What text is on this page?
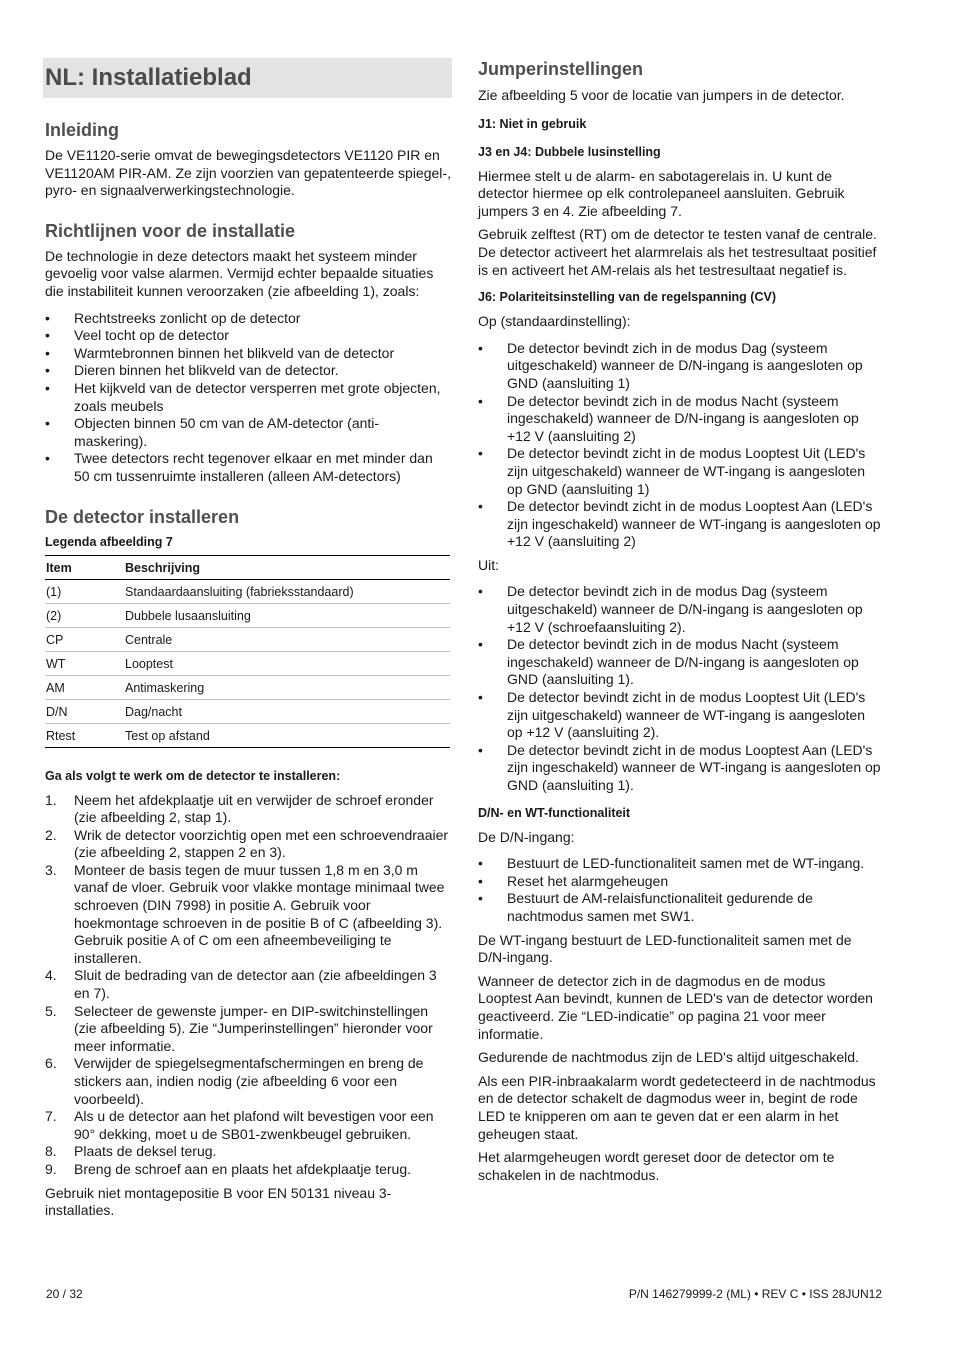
NL: Installatieblad
Inleiding

De VE1120-serie omvat de bewegingsdetectors VE1120 PIR en VE1120AM PIR-AM. Ze zijn voorzien van gepatenteerde spiegel-, pyro- en signaalverwerkingstechnologie.

Richtlijnen voor de installatie

De technologie in deze detectors maakt het systeem minder gevoelig voor valse alarmen. Vermijd echter bepaalde situaties die instabiliteit kunnen veroorzaken (zie afbeelding 1), zoals:

•	Rechtstreeks zonlicht op de detector
•	Veel tocht op de detector
•	Warmtebronnen binnen het blikveld van de detector
•	Dieren binnen het blikveld van de detector.
•	Het kijkveld van de detector versperren met grote objecten, zoals meubels
•	Objecten binnen 50 cm van de AM-detector (anti-maskering).
•	Twee detectors recht tegenover elkaar en met minder dan 50 cm tussenruimte installeren (alleen AM-detectors)
De detector installeren

Legenda afbeelding 7

Item	Beschrijving
(1)	Standaardaansluiting (fabrieksstandaard)
(2)	Dubbele lusaansluiting
CP	Centrale
WT	Looptest
AM	Antimaskering
D/N	Dag/nacht
Rtest	Test op afstand

Ga als volgt te werk om de detector te installeren:

1.	Neem het afdekplaatje uit en verwijder de schroef eronder (zie afbeelding 2, stap 1).
2.	Wrik de detector voorzichtig open met een schroevendraaier (zie afbeelding 2, stappen 2 en 3).
3.	Monteer de basis tegen de muur tussen 1,8 m en 3,0 m vanaf de vloer. Gebruik voor vlakke montage minimaal twee schroeven (DIN 7998) in positie A. Gebruik voor hoekmontage schroeven in de positie B of C (afbeelding 3). Gebruik positie A of C om een afneembeveiliging te installeren.
4.	Sluit de bedrading van de detector aan (zie afbeeldingen 3 en 7).
5.	Selecteer de gewenste jumper- en DIP-switchinstellingen (zie afbeelding 5). Zie “Jumperinstellingen” hieronder voor meer informatie.
6.	Verwijder de spiegelsegmentafschermingen en breng de stickers aan, indien nodig (zie afbeelding 6 voor een voorbeeld).
7.	Als u de detector aan het plafond wilt bevestigen voor een 90° dekking, moet u de SB01-zwenkbeugel gebruiken.
8.	Plaats de deksel terug.
9.	Breng de schroef aan en plaats het afdekplaatje terug.

Gebruik niet montagepositie B voor EN 50131 niveau 3-installaties.

Jumperinstellingen

Zie afbeelding 5 voor de locatie van jumpers in de detector.

J1: Niet in gebruik

J3 en J4: Dubbele lusinstelling

Hiermee stelt u de alarm- en sabotagerelais in. U kunt de detector hiermee op elk controlepaneel aansluiten. Gebruik jumpers 3 en 4. Zie afbeelding 7.

Gebruik zelftest (RT) om de detector te testen vanaf de centrale. De detector activeert het alarmrelais als het testresultaat positief is en activeert het AM-relais als het testresultaat negatief is.

J6: Polariteitsinstelling van de regelspanning (CV)

Op (standaardinstelling):

•	De detector bevindt zich in de modus Dag (systeem uitgeschakeld) wanneer de D/N-ingang is aangesloten op GND (aansluiting 1)
•	De detector bevindt zich in de modus Nacht (systeem ingeschakeld) wanneer de D/N-ingang is aangesloten op +12 V (aansluiting 2)
•	De detector bevindt zicht in de modus Looptest Uit (LED's zijn uitgeschakeld) wanneer de WT-ingang is aangesloten op GND (aansluiting 1)
•	De detector bevindt zicht in de modus Looptest Aan (LED's zijn ingeschakeld) wanneer de WT-ingang is aangesloten op +12 V (aansluiting 2)

Uit:

•	De detector bevindt zich in de modus Dag (systeem uitgeschakeld) wanneer de D/N-ingang is aangesloten op +12 V (schroefaansluiting 2).
•	De detector bevindt zich in de modus Nacht (systeem ingeschakeld) wanneer de D/N-ingang is aangesloten op GND (aansluiting 1).
•	De detector bevindt zicht in de modus Looptest Uit (LED's zijn uitgeschakeld) wanneer de WT-ingang is aangesloten op +12 V (aansluiting 2).
•	De detector bevindt zicht in de modus Looptest Aan (LED's zijn ingeschakeld) wanneer de WT-ingang is aangesloten op GND (aansluiting 1).

D/N- en WT-functionaliteit

De D/N-ingang:

•	Bestuurt de LED-functionaliteit samen met de WT-ingang.
•	Reset het alarmgeheugen
•	Bestuurt de AM-relaisfunctionaliteit gedurende de nachtmodus samen met SW1.

De WT-ingang bestuurt de LED-functionaliteit samen met de D/N-ingang.

Wanneer de detector zich in de dagmodus en de modus Looptest Aan bevindt, kunnen de LED's van de detector worden geactiveerd. Zie “LED-indicatie” op pagina 21 voor meer informatie.

Gedurende de nachtmodus zijn de LED's altijd uitgeschakeld.

Als een PIR-inbraakalarm wordt gedetecteerd in de nachtmodus en de detector schakelt de dagmodus weer in, begint de rode LED te knipperen om aan te geven dat er een alarm in het geheugen staat.

Het alarmgeheugen wordt gereset door de detector om te schakelen in de nachtmodus.

20 / 32	P/N 146279999-2 (ML) • REV C • ISS 28JUN12
